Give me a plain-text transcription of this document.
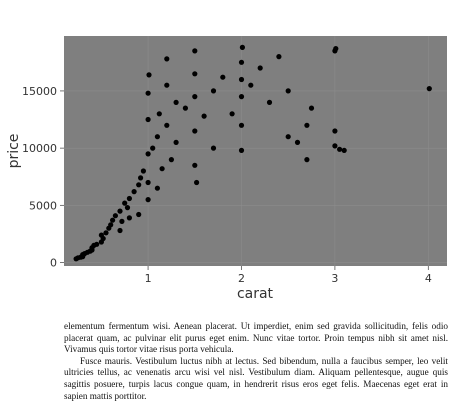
1	2	3	4
0
5000
10000
15000
carat
price

elementum fermentum wisi. Aenean placerat. Ut imperdiet, enim sed gravida sollicitudin, felis odio placerat quam, ac pulvinar elit purus eget enim. Nunc vitae tortor. Proin tempus nibh sit amet nisl. Vivamus quis tortor vitae risus porta vehicula.

Fusce mauris. Vestibulum luctus nibh at lectus. Sed bibendum, nulla a faucibus semper, leo velit ultricies tellus, ac venenatis arcu wisi vel nisl. Vestibulum diam. Aliquam pellentesque, augue quis sagittis posuere, turpis lacus congue quam, in hendrerit risus eros eget felis. Maecenas eget erat in sapien mattis porttitor.
